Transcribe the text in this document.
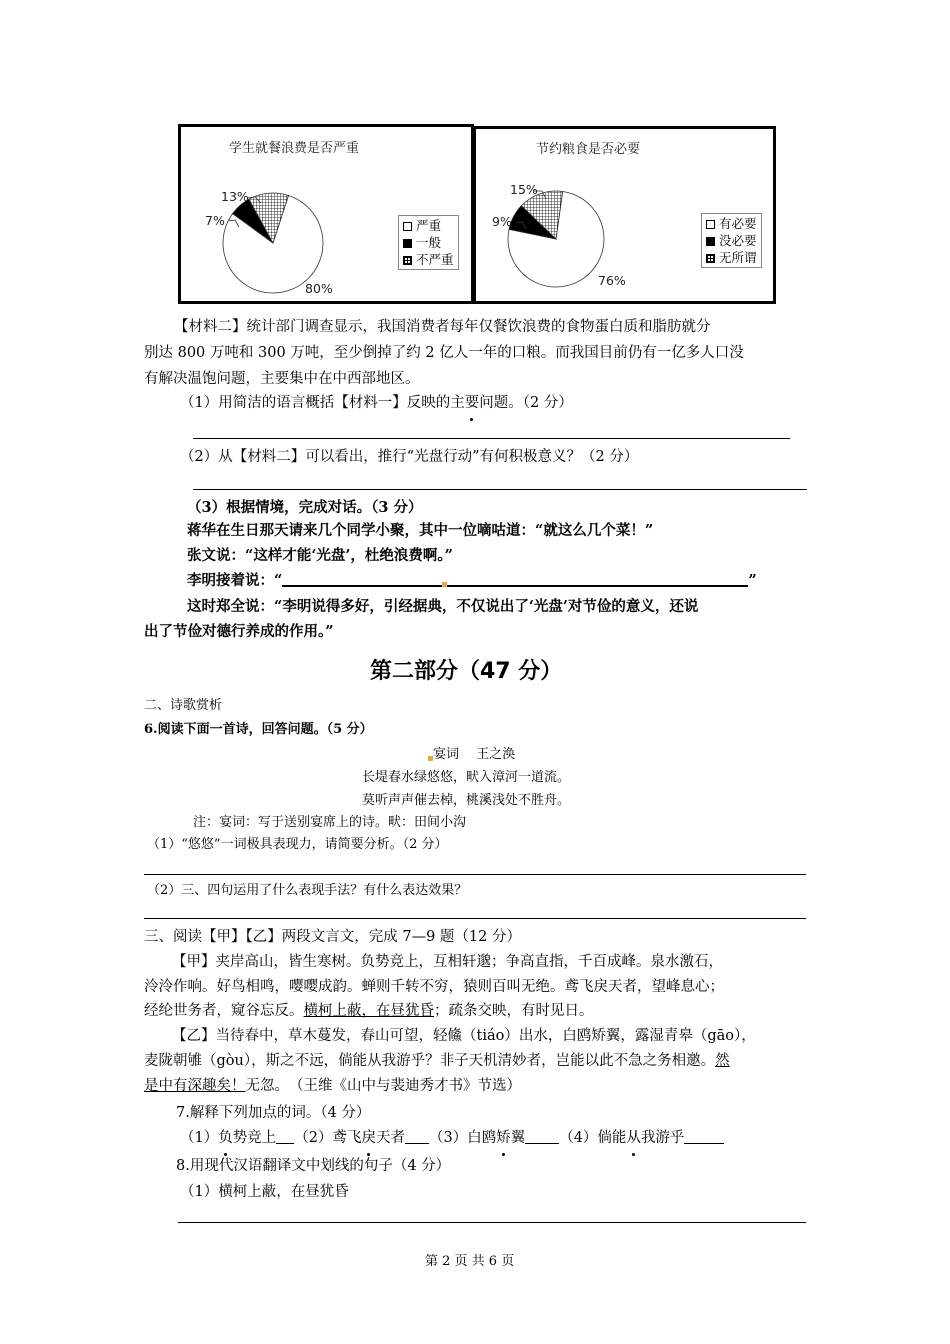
学生就餐浪费是否严重
13%
7%
80%
严重
一般
不严重
节约粮食是否必要
15%
9%
76%
有必要
没必要
无所谓
【材料二】统计部门调查显示，我国消费者每年仅餐饮浪费的食物蛋白质和脂肪就分
别达 800 万吨和 300 万吨，至少倒掉了约 2 亿人一年的口粮。而我国目前仍有一亿多人口没
有解决温饱问题，主要集中在中西部地区。
（1）用简洁的语言概括【材料一】反映的主要问题。（2 分）
（2）从【材料二】可以看出，推行“光盘行动”有何积极意义？（2 分）
（3）根据情境，完成对话。（3 分）
蒋华在生日那天请来几个同学小聚，其中一位嘀咕道：“就这么几个菜！”
张文说：“这样才能‘光盘’，杜绝浪费啊。”
李明接着说：“	”
这时郑全说：“李明说得多好，引经据典，不仅说出了‘光盘’对节俭的意义，还说
出了节俭对德行养成的作用。”
第二部分（47 分）
二、诗歌赏析
6.阅读下面一首诗，回答问题。（5 分）
宴词　 王之涣
长堤春水绿悠悠，畎入漳河一道流。
莫听声声催去棹，桃溪浅处不胜舟。
注：宴词：写于送别宴席上的诗。畎：田间小沟
（1）“悠悠”一词极具表现力，请简要分析。（2 分）
（2）三、四句运用了什么表现手法？有什么表达效果？
三、阅读【甲】【乙】两段文言文，完成 7—9 题（12 分）
【甲】夹岸高山，皆生寒树。负势竞上，互相轩邈；争高直指，千百成峰。泉水激石，
泠泠作响。好鸟相鸣，嘤嘤成韵。蝉则千转不穷，猿则百叫无绝。鸢飞戾天者，望峰息心；
经纶世务者，窥谷忘反。横柯上蔽，在昼犹昏；疏条交映，有时见日。
【乙】当待春中，草木蔓发，春山可望，轻鯈（tiáo）出水，白鸥矫翼，露湿青皋（gāo），
麦陇朝雊（gòu），斯之不远，倘能从我游乎？非子天机清妙者，岂能以此不急之务相邀。然
是中有深趣矣！无忽。　（王维《山中与裴迪秀才书》节选）
7.解释下列加点的词。（4 分）
（1）负势竞上 （2）鸢飞戾天者 （3）白鸥矫翼 （4）倘能从我游乎
8.用现代汉语翻译文中划线的句子（4 分）
（1）横柯上蔽，在昼犹昏
第 2 页 共 6 页
